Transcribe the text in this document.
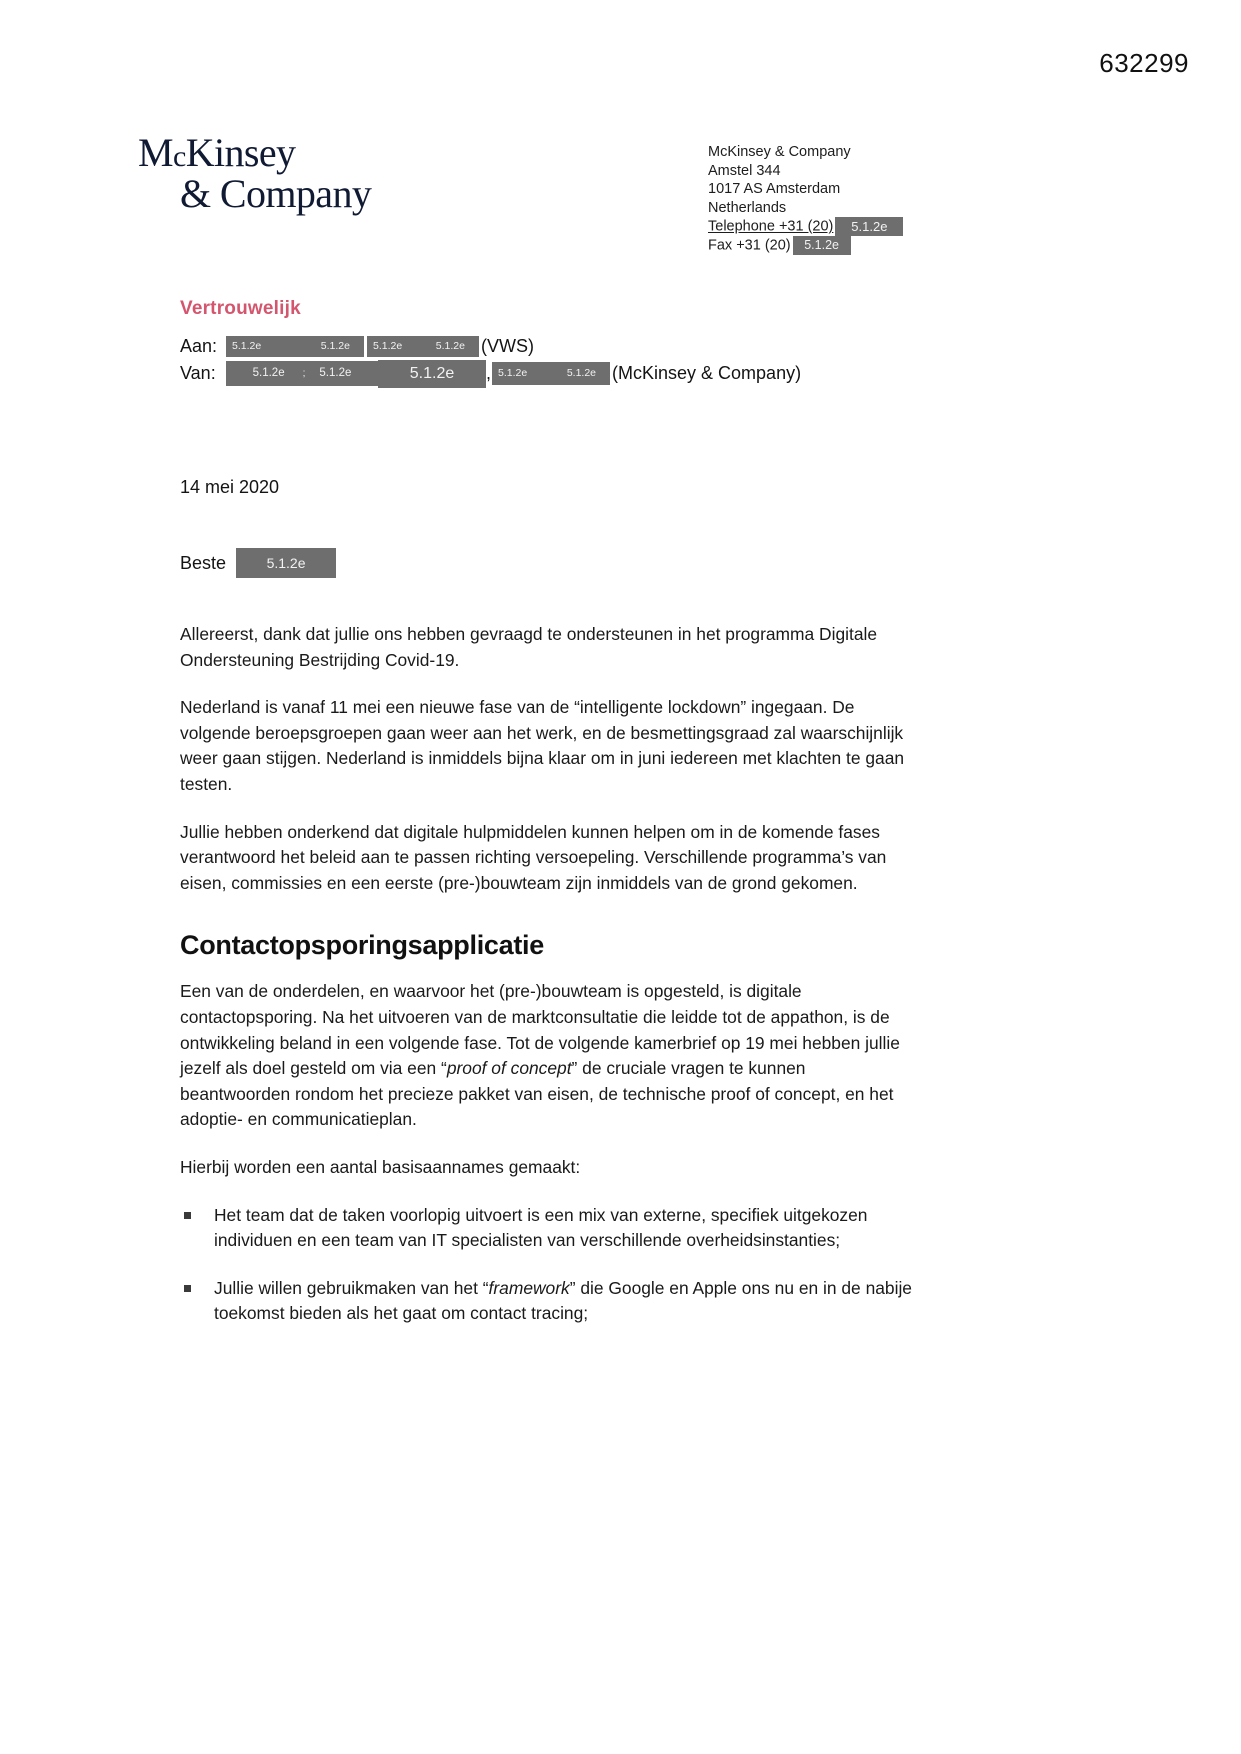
632299
McKinsey
& Company
McKinsey & Company
Amstel 344
1017 AS Amsterdam
Netherlands
Telephone +31 (20) 5.1.2e
Fax +31 (20) 5.1.2e
Vertrouwelijk
Aan:	5.1.2e	5.1.2e	5.1.2e	5.1.2e (VWS)
Van:	5.1.2e ; 5.1.2e	5.1.2e	, 5.1.2e	5.1.2e (McKinsey & Company)
14 mei 2020
Beste	5.1.2e

Allereerst, dank dat jullie ons hebben gevraagd te ondersteunen in het programma Digitale Ondersteuning Bestrijding Covid-19.

Nederland is vanaf 11 mei een nieuwe fase van de “intelligente lockdown” ingegaan. De volgende beroepsgroepen gaan weer aan het werk, en de besmettingsgraad zal waarschijnlijk weer gaan stijgen. Nederland is inmiddels bijna klaar om in juni iedereen met klachten te gaan testen.

Jullie hebben onderkend dat digitale hulpmiddelen kunnen helpen om in de komende fases verantwoord het beleid aan te passen richting versoepeling. Verschillende programma’s van eisen, commissies en een eerste (pre-)bouwteam zijn inmiddels van de grond gekomen.

Contactopsporingsapplicatie

Een van de onderdelen, en waarvoor het (pre-)bouwteam is opgesteld, is digitale contactopsporing. Na het uitvoeren van de marktconsultatie die leidde tot de appathon, is de ontwikkeling beland in een volgende fase. Tot de volgende kamerbrief op 19 mei hebben jullie jezelf als doel gesteld om via een “proof of concept” de cruciale vragen te kunnen beantwoorden rondom het precieze pakket van eisen, de technische proof of concept, en het adoptie- en communicatieplan.

Hierbij worden een aantal basisaannames gemaakt:

Het team dat de taken voorlopig uitvoert is een mix van externe, specifiek uitgekozen individuen en een team van IT specialisten van verschillende overheidsinstanties;
Jullie willen gebruikmaken van het “framework” die Google en Apple ons nu en in de nabije toekomst bieden als het gaat om contact tracing;
